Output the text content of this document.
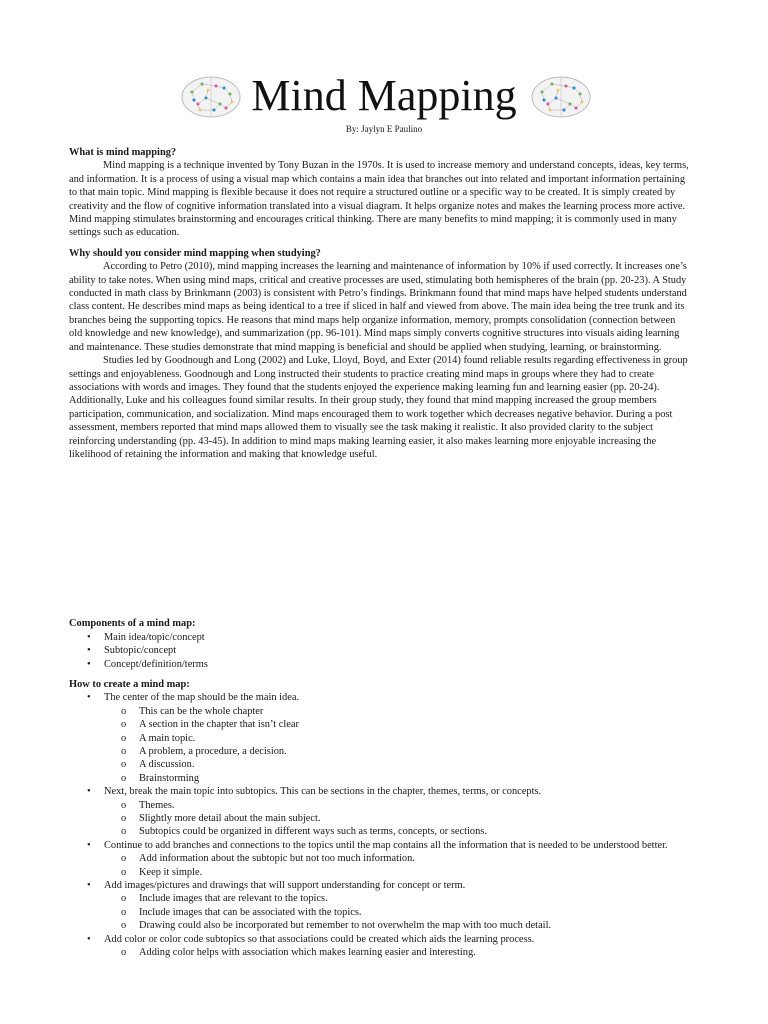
Mind Mapping
By: Jaylyn E Paulino

What is mind mapping?

Mind mapping is a technique invented by Tony Buzan in the 1970s. It is used to increase memory and understand concepts, ideas, key terms, and information. It is a process of using a visual map which contains a main idea that branches out into related and important information pertaining to that main topic. Mind mapping is flexible because it does not require a structured outline or a specific way to be created. It is simply created by creativity and the flow of cognitive information translated into a visual diagram. It helps organize notes and makes the learning process more active. Mind mapping stimulates brainstorming and encourages critical thinking. There are many benefits to mind mapping; it is commonly used in many settings such as education.

Why should you consider mind mapping when studying?

According to Petro (2010), mind mapping increases the learning and maintenance of information by 10% if used correctly. It increases one’s ability to take notes. When using mind maps, critical and creative processes are used, stimulating both hemispheres of the brain (pp. 20-23). A Study conducted in math class by Brinkmann (2003) is consistent with Petro’s findings. Brinkmann found that mind maps have helped students understand class content. He describes mind maps as being identical to a tree if sliced in half and viewed from above. The main idea being the tree trunk and its branches being the supporting topics. He reasons that mind maps help organize information, memory, prompts consolidation (connection between old knowledge and new knowledge), and summarization (pp. 96-101). Mind maps simply converts cognitive structures into visuals aiding learning and maintenance. These studies demonstrate that mind mapping is beneficial and should be applied when studying, learning, or brainstorming.

Studies led by Goodnough and Long (2002) and Luke, Lloyd, Boyd, and Exter (2014) found reliable results regarding effectiveness in group settings and enjoyableness. Goodnough and Long instructed their students to practice creating mind maps in groups where they had to create associations with words and images. They found that the students enjoyed the experience making learning fun and learning easier (pp. 20-24). Additionally, Luke and his colleagues found similar results. In their group study, they found that mind mapping increased the group members participation, communication, and socialization. Mind maps encouraged them to work together which decreases negative behavior. During a post assessment, members reported that mind maps allowed them to visually see the task making it realistic. It also provided clarity to the subject reinforcing understanding (pp. 43-45). In addition to mind maps making learning easier, it also makes learning more enjoyable increasing the likelihood of retaining the information and making that knowledge useful.

Components of a mind map:

• Main idea/topic/concept
• Subtopic/concept
• Concept/definition/terms

How to create a mind map:

• The center of the map should be the main idea.
o This can be the whole chapter
o A section in the chapter that isn’t clear
o A main topic.
o A problem, a procedure, a decision.
o A discussion.
o Brainstorming
• Next, break the main topic into subtopics. This can be sections in the chapter, themes, terms, or concepts.
o Themes.
o Slightly more detail about the main subject.
o Subtopics could be organized in different ways such as terms, concepts, or sections.
• Continue to add branches and connections to the topics until the map contains all the information that is needed to be understood better.
o Add information about the subtopic but not too much information.
o Keep it simple.
• Add images/pictures and drawings that will support understanding for concept or term.
o Include images that are relevant to the topics.
o Include images that can be associated with the topics.
o Drawing could also be incorporated but remember to not overwhelm the map with too much detail.
• Add color or color code subtopics so that associations could be created which aids the learning process.
o Adding color helps with association which makes learning easier and interesting.
